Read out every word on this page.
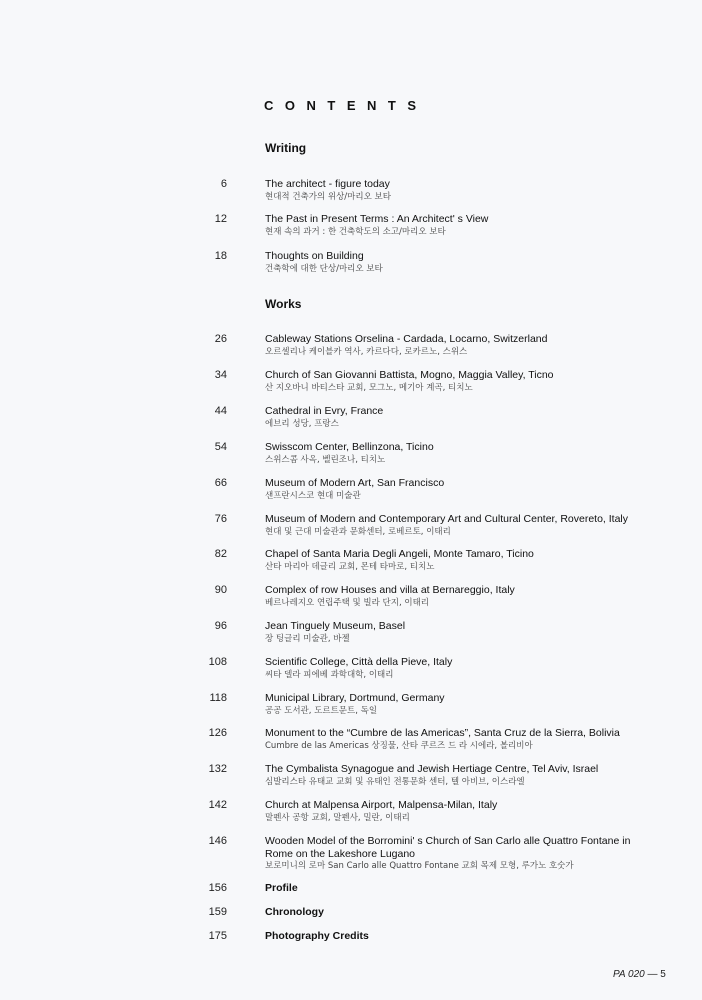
CONTENTS
Writing
6	The architect - figure today
현대적 건축가의 위상/마리오 보타
12	The Past in Present Terms : An Architect' s View
현재 속의 과거 : 한 건축학도의 소고/마리오 보타
18	Thoughts on Building
건축학에 대한 단상/마리오 보타
Works
26	Cableway Stations Orselina - Cardada, Locarno, Switzerland
오르셀리나 케이블카 역사, 카르다다, 로카르노, 스위스
34	Church of San Giovanni Battista, Mogno, Maggia Valley, Ticno
산 지오바니 바티스타 교회, 모그노, 메기아 계곡, 티치노
44	Cathedral in Evry, France
에브리 성당, 프랑스
54	Swisscom Center, Bellinzona, Ticino
스위스콤 사옥, 벨린조나, 티치노
66	Museum of Modern Art, San Francisco
샌프란시스코 현대 미술관
76	Museum of Modern and Contemporary Art and Cultural Center, Rovereto, Italy
현대 및 근대 미술관과 문화센터, 로베르토, 이태리
82	Chapel of Santa Maria Degli Angeli, Monte Tamaro, Ticino
산타 마리아 데글리 교회, 몬테 타마로, 티치노
90	Complex of row Houses and villa at Bernareggio, Italy
베르나레지오 연립주택 및 빌라 단지, 이태리
96	Jean Tinguely Museum, Basel
장 팅글리 미술관, 바젤
108	Scientific College, Città della Pieve, Italy
씨타 델라 피에베 과학대학, 이태리
118	Municipal Library, Dortmund, Germany
공공 도서관, 도르트문트, 독일
126	Monument to the “Cumbre de las Americas”, Santa Cruz de la Sierra, Bolivia
Cumbre de las Americas 상징물, 산타 쿠르즈 드 라 시에라, 볼리비아
132	The Cymbalista Synagogue and Jewish Hertiage Centre, Tel Aviv, Israel
심발리스타 유태교 교회 및 유태인 전통문화 센터, 텔 아비브, 이스라엘
142	Church at Malpensa Airport, Malpensa-Milan, Italy
말펜사 공항 교회, 말펜사, 밀란, 이태리
146	Wooden Model of the Borromini' s Church of San Carlo alle Quattro Fontane in Rome on the Lakeshore Lugano
보로미니의 로마 San Carlo alle Quattro Fontane 교회 목제 모형, 루가노 호숫가
156	Profile
159	Chronology
175	Photography Credits
PA 020 — 5
